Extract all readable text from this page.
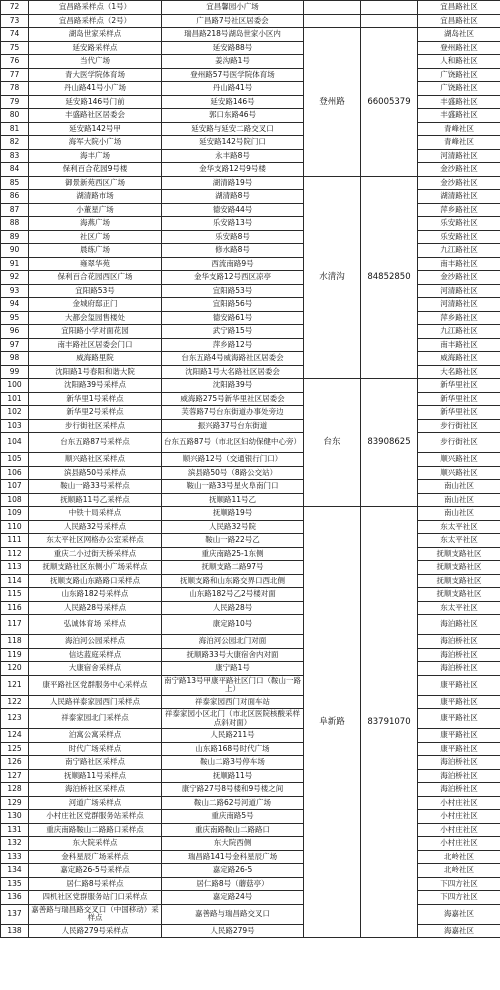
72	宜昌路采样点（1号）	宜昌馨园小广场			宜昌路社区
73	宜昌路采样点（2号）	广昌路7号社区居委会			宜昌路社区
74	湖岛世家采样点	瑞昌路218号湖岛世家小区内	登州路	66005379	湖岛社区
75	延安路采样点	延安路88号			登州路社区
76	当代广场	姜沟路1号			人和路社区
77	青大医学院体育场	登州路57号医学院体育场			广饶路社区
78	丹山路41号小广场	丹山路41号			广饶路社区
79	延安路146号门前	延安路146号			丰盛路社区
80	丰盛路社区居委会	郭口东路46号			丰盛路社区
81	延安路142号甲	延安路与延安二路交叉口			青峰社区
82	海军大院小广场	延安路142号院门口			青峰社区
83	海丰广场	永丰路8号			河清路社区
84	保利百合花园9号楼	金华支路12号9号楼			金沙路社区
85	御景新苑西区广场	湖清路19号	水清沟	84852850	金沙路社区
86	湖清路市场	湖清路8号			湖清路社区
87	小董星广场	德安路44号			萍乡路社区
88	海燕广场	乐安路13号			乐安路社区
89	社区广场	乐安路8号			乐安路社区
90	晨练广场	修水路8号			九江路社区
91	雍翠华苑	西流南路9号			南丰路社区
92	保利百合花园西区广场	金华支路12号西区凉亭			金沙路社区
93	宜阳路53号	宜阳路53号			河清路社区
94	金城府邸正门	宜阳路56号			河清路社区
95	大都会玺园售楼处	德安路61号			萍乡路社区
96	宜阳路小学对面花园	武宁路15号			九江路社区
97	南丰路社区居委会门口	萍乡路12号			南丰路社区
98	威海路里院	台东五路4号威海路社区居委会			威海路社区
99	沈阳路1号春阳和谐大院	沈阳路1号大名路社区居委会			大名路社区
100	沈阳路39号采样点	沈阳路39号	台东	83908625	新华里社区
101	新华里1号采样点	威海路275号新华里社区居委会			新华里社区
102	新华里2号采样点	芙蓉路7号台东街道办事处旁边			新华里社区
103	步行街社区采样点	振兴路37号台东街道			步行街社区
104	台东五路87号采样点	台东五路87号（市北区妇幼保健中心旁）			步行街社区
105	顺兴路社区采样点	顺兴路12号（交通银行门口）			顺兴路社区
106	滨县路50号采样点	滨县路50号（8路公交站）			顺兴路社区
107	鞍山一路33号采样点	鞍山一路33号星火阜南门口			南山社区
108	抚顺路11号乙采样点	抚顺路11号乙			南山社区
109	中铁十局采样点	抚顺路19号	阜新路	83791070	南山社区
110	人民路32号采样点	人民路32号院			东太平社区
111	东太平社区网格办公室采样点	鞍山一路22号乙			东太平社区
112	重庆二小过街天桥采样点	重庆南路25-1东侧			抚顺支路社区
113	抚顺支路社区东侧小广场采样点	抚顺支路二路97号			抚顺支路社区
114	抚顺支路山东路路口采样点	抚顺支路和山东路交界口西北侧			抚顺支路社区
115	山东路182号采样点	山东路182号乙2号楼对面			抚顺支路社区
116	人民路28号采样点	人民路28号			东太平社区
117	弘诚体育场 采样点	康定路10号			海泊路社区
118	海泊河公园采样点	海泊河公园北门对面			海泊桥社区
119	信达蓝庭采样点	抚顺路33号大康宿舍内对面			海泊桥社区
120	大康宿舍采样点	康宁路1号			海泊桥社区
121	康平路社区党群服务中心采样点	南宁路13号甲康平路社区门口（鞍山一路上）			康平路社区
122	人民路祥泰家园西门采样点	祥泰家园西门对面车站			康平路社区
123	祥泰家园北门采样点	祥泰家园小区北门（市北区医院核酸采样点斜对面）			康平路社区
124	泊寓公寓采样点	人民路211号			康平路社区
125	时代广场采样点	山东路168号时代广场			康平路社区
126	南宁路社区采样点	鞍山二路3号停车场			海泊桥社区
127	抚顺路11号采样点	抚顺路11号			海泊桥社区
128	海泊桥社区采样点	康宁路27号8号楼和9号楼之间			海泊桥社区
129	河道广场采样点	鞍山二路62号河道广场			小村庄社区
130	小村庄社区党群服务站采样点	重庆南路5号			小村庄社区
131	重庆南路鞍山二路路口采样点	重庆南路鞍山二路路口			小村庄社区
132	东大院采样点	东大院西侧			小村庄社区
133	金科星辰广场采样点	瑞昌路141号金科星辰广场			北岭社区
134	嘉定路26-5号采样点	嘉定路26-5			北岭社区
135	居仁路8号采样点	居仁路8号（蘑菇亭）			下四方社区
136	四机社区党群服务站门口采样点	嘉定路24号			下四方社区
137	嘉善路与瑞昌路交叉口（中国移动）采样点	嘉善路与瑞昌路交叉口			海嘉社区
138	人民路279号采样点	人民路279号			海嘉社区
